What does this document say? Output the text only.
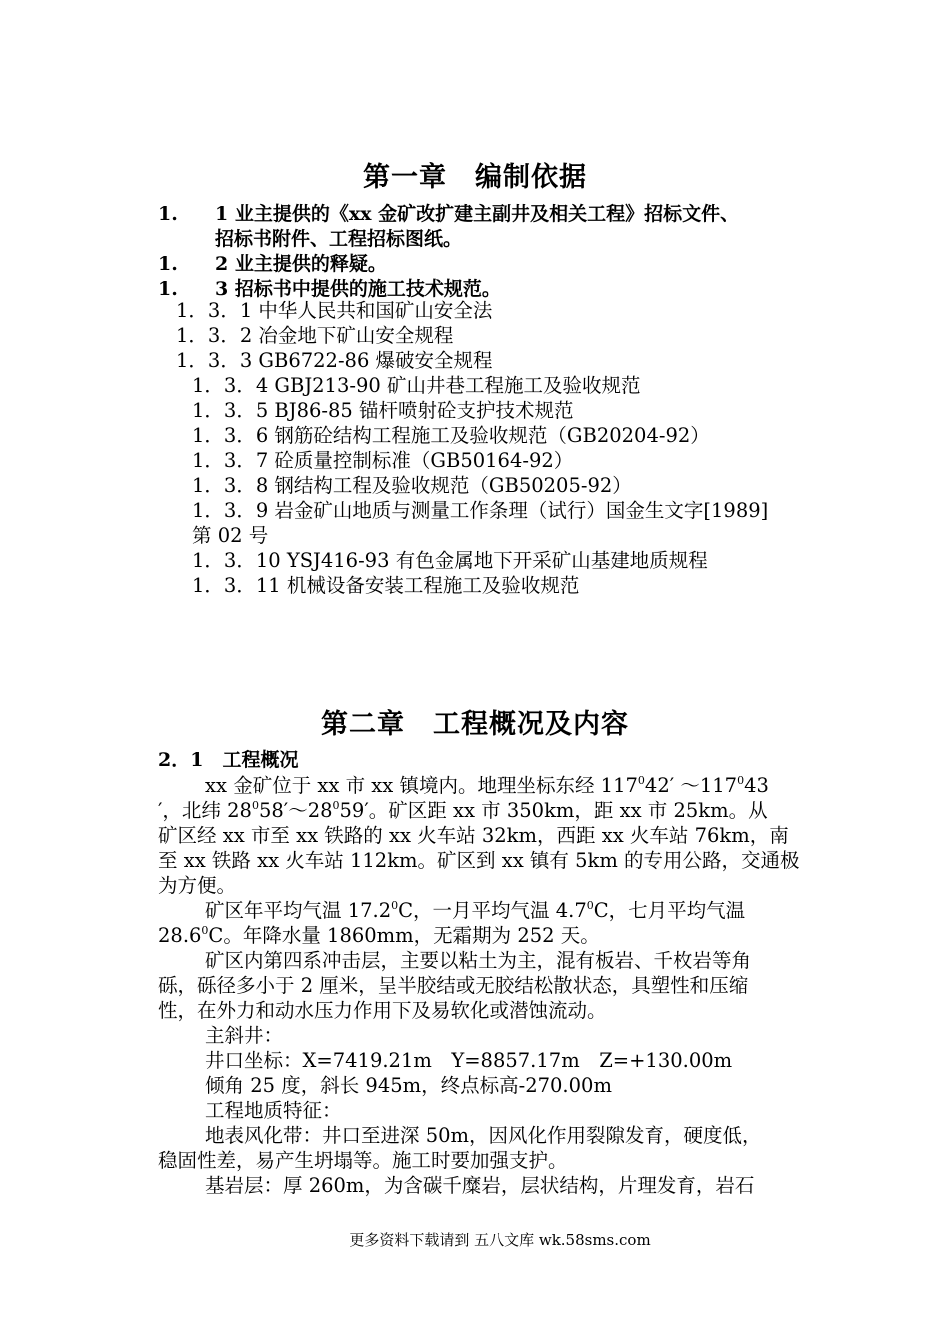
第一章　编制依据
1. 1 业主提供的《xx 金矿改扩建主副井及相关工程》招标文件、
招标书附件、工程招标图纸。
1. 2 业主提供的释疑。
1. 3 招标书中提供的施工技术规范。
1．3．1 中华人民共和国矿山安全法
1．3．2 冶金地下矿山安全规程
1．3．3 GB6722-86 爆破安全规程
1．3．4 GBJ213-90 矿山井巷工程施工及验收规范
1．3．5 BJ86-85 锚杆喷射砼支护技术规范
1．3．6 钢筋砼结构工程施工及验收规范（GB20204-92）
1．3．7 砼质量控制标准（GB50164-92）
1．3．8 钢结构工程及验收规范（GB50205-92）
1．3．9 岩金矿山地质与测量工作条理（试行）国金生文字[1989]
第 02 号
1．3．10 YSJ416-93 有色金属地下开采矿山基建地质规程
1．3．11 机械设备安装工程施工及验收规范
第二章　工程概况及内容
2．1　工程概况
xx 金矿位于 xx 市 xx 镇境内。地理坐标东经 $117^042'$ $\sim 117^043$
′，北纬 $28^058'\sim 28^059'$。矿区距 xx 市 350km，距 xx 市 25km。从
矿区经 xx 市至 xx 铁路的 xx 火车站 32km，西距 xx 火车站 76km，南
至 xx 铁路 xx 火车站 112km。矿区到 xx 镇有 5km 的专用公路，交通极
为方便。
矿区年平均气温 17.2$^0$C，一月平均气温 $4.7^0C$，七月平均气温
28.6$^0$C。年降水量 1860mm，无霜期为 252 天。
矿区内第四系冲击层，主要以粘土为主，混有板岩、千枚岩等角
砾，砾径多小于 2 厘米，呈半胶结或无胶结松散状态，具塑性和压缩
性，在外力和动水压力作用下及易软化或潜蚀流动。
主斜井：
井口坐标：X=7419.21m　Y=8857.17m　Z=+130.00m
倾角 25 度，斜长 945m，终点标高-270.00m
工程地质特征：
地表风化带：井口至进深 50m，因风化作用裂隙发育，硬度低，
稳固性差，易产生坍塌等。施工时要加强支护。
基岩层：厚 260m，为含碳千糜岩，层状结构，片理发育，岩石
更多资料下载请到 五八文库 wk.58sms.com
